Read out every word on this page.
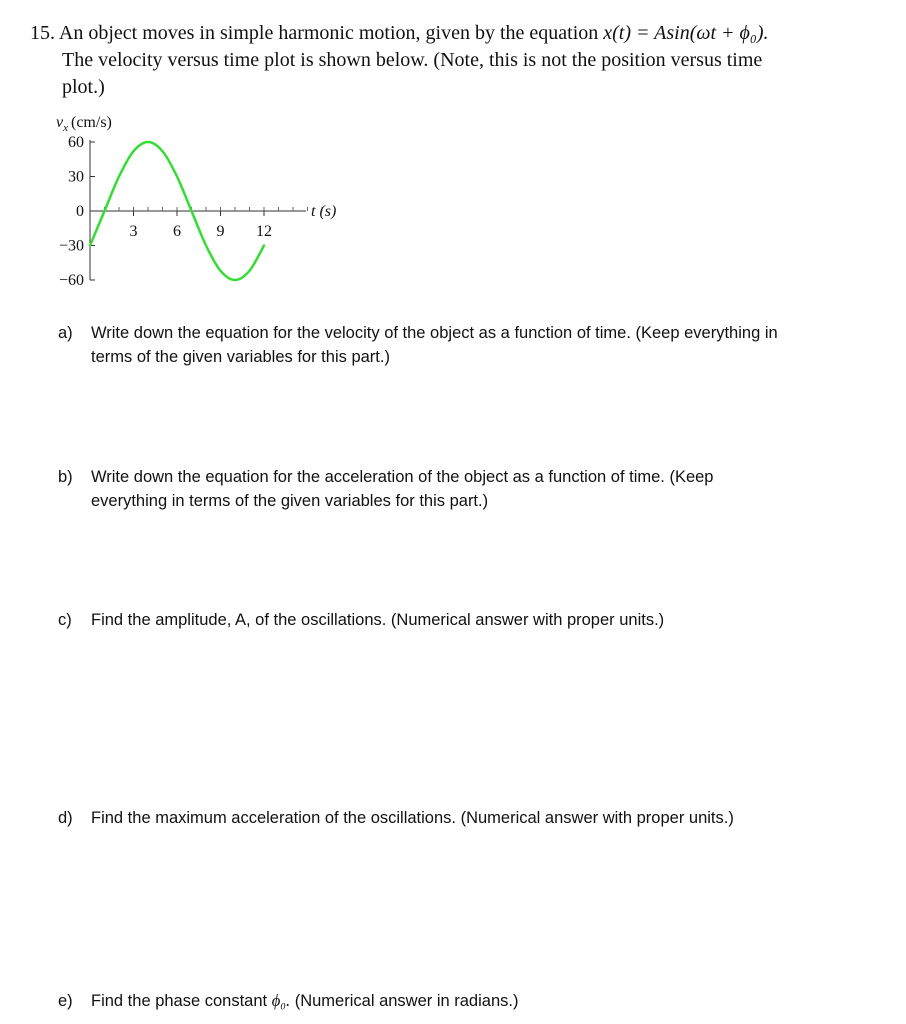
15. An object moves in simple harmonic motion, given by the equation x(t) = Asin(ωt + ϕ₀).
The velocity versus time plot is shown below. (Note, this is not the position versus time
plot.)
$v_x$ (cm/s)
60
30
0
−30
−60
3 6 9 12
t (s)
a) Write down the equation for the velocity of the object as a function of time. (Keep everything in
terms of the given variables for this part.)
b) Write down the equation for the acceleration of the object as a function of time. (Keep
everything in terms of the given variables for this part.)
c) Find the amplitude, A, of the oscillations. (Numerical answer with proper units.)
d) Find the maximum acceleration of the oscillations. (Numerical answer with proper units.)
e)	Find the phase constant ϕ₀. (Numerical answer in radians.)
